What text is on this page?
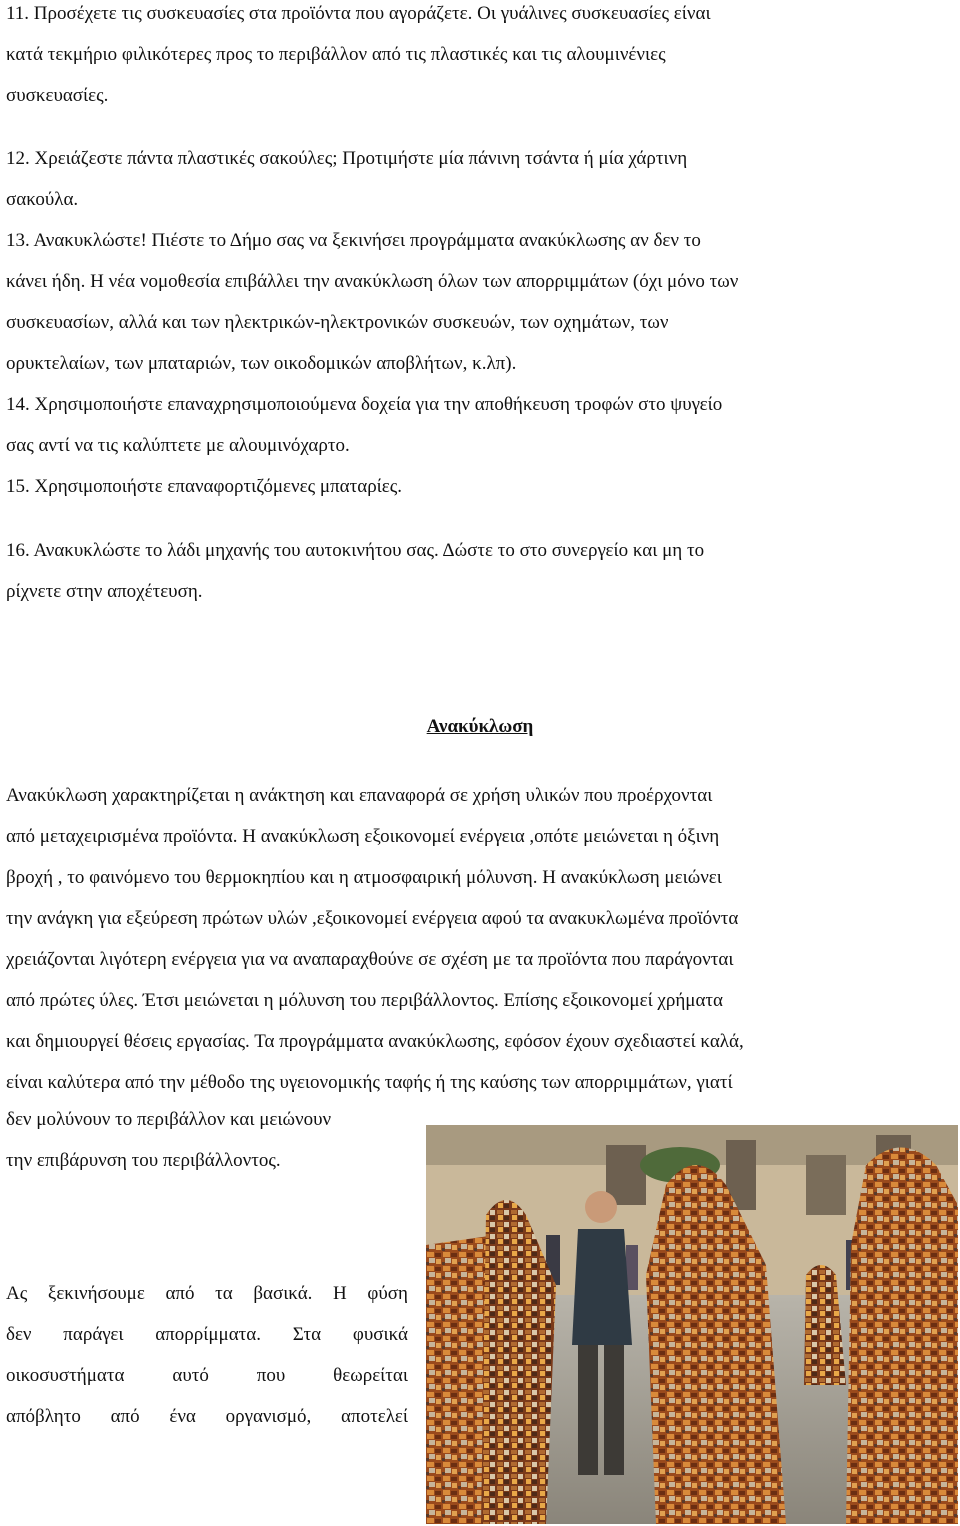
11. Προσέχετε τις συσκευασίες στα προϊόντα που αγοράζετε. Οι γυάλινες συσκευασίες είναι

κατά τεκμήριο φιλικότερες προς το περιβάλλον από τις πλαστικές και τις αλουμινένιες

συσκευασίες.

12. Χρειάζεστε πάντα πλαστικές σακούλες; Προτιμήστε μία πάνινη τσάντα ή μία χάρτινη

σακούλα.

13. Ανακυκλώστε! Πιέστε το Δήμο σας να ξεκινήσει προγράμματα ανακύκλωσης αν δεν το

κάνει ήδη. Η νέα νομοθεσία επιβάλλει την ανακύκλωση όλων των απορριμμάτων (όχι μόνο των

συσκευασίων, αλλά και των ηλεκτρικών-ηλεκτρονικών συσκευών, των οχημάτων, των

ορυκτελαίων, των μπαταριών, των οικοδομικών αποβλήτων, κ.λπ).

14. Χρησιμοποιήστε επαναχρησιμοποιούμενα δοχεία για την αποθήκευση τροφών στο ψυγείο

σας αντί να τις καλύπτετε με αλουμινόχαρτο.

15. Χρησιμοποιήστε επαναφορτιζόμενες μπαταρίες.

16. Ανακυκλώστε το λάδι μηχανής του αυτοκινήτου σας. Δώστε το στο συνεργείο και μη το

ρίχνετε στην αποχέτευση.

Ανακύκλωση

Ανακύκλωση χαρακτηρίζεται η ανάκτηση και επαναφορά σε χρήση υλικών που προέρχονται

από μεταχειρισμένα προϊόντα. Η ανακύκλωση εξοικονομεί ενέργεια ,οπότε μειώνεται η όξινη

βροχή , το φαινόμενο του θερμοκηπίου και η ατμοσφαιρική μόλυνση. Η ανακύκλωση μειώνει

την ανάγκη για εξεύρεση πρώτων υλών ,εξοικονομεί ενέργεια αφού τα ανακυκλωμένα προϊόντα

χρειάζονται λιγότερη ενέργεια για να αναπαραχθούνε σε σχέση με τα προϊόντα που παράγονται

από πρώτες ύλες. Έτσι μειώνεται η μόλυνση του περιβάλλοντος. Επίσης εξοικονομεί χρήματα

και δημιουργεί θέσεις εργασίας. Τα προγράμματα ανακύκλωσης, εφόσον έχουν σχεδιαστεί καλά,

είναι καλύτερα από την μέθοδο της υγειονομικής ταφής ή της καύσης των απορριμμάτων, γιατί

δεν μολύνουν το περιβάλλον και μειώνουν

την επιβάρυνση του περιβάλλοντος.

Ας ξεκινήσουμε από τα βασικά. Η φύση
δεν παράγει απορρίμματα. Στα φυσικά
οικοσυστήματα	αυτό	που	θεωρείται
απόβλητο από ένα οργανισμό, αποτελεί
